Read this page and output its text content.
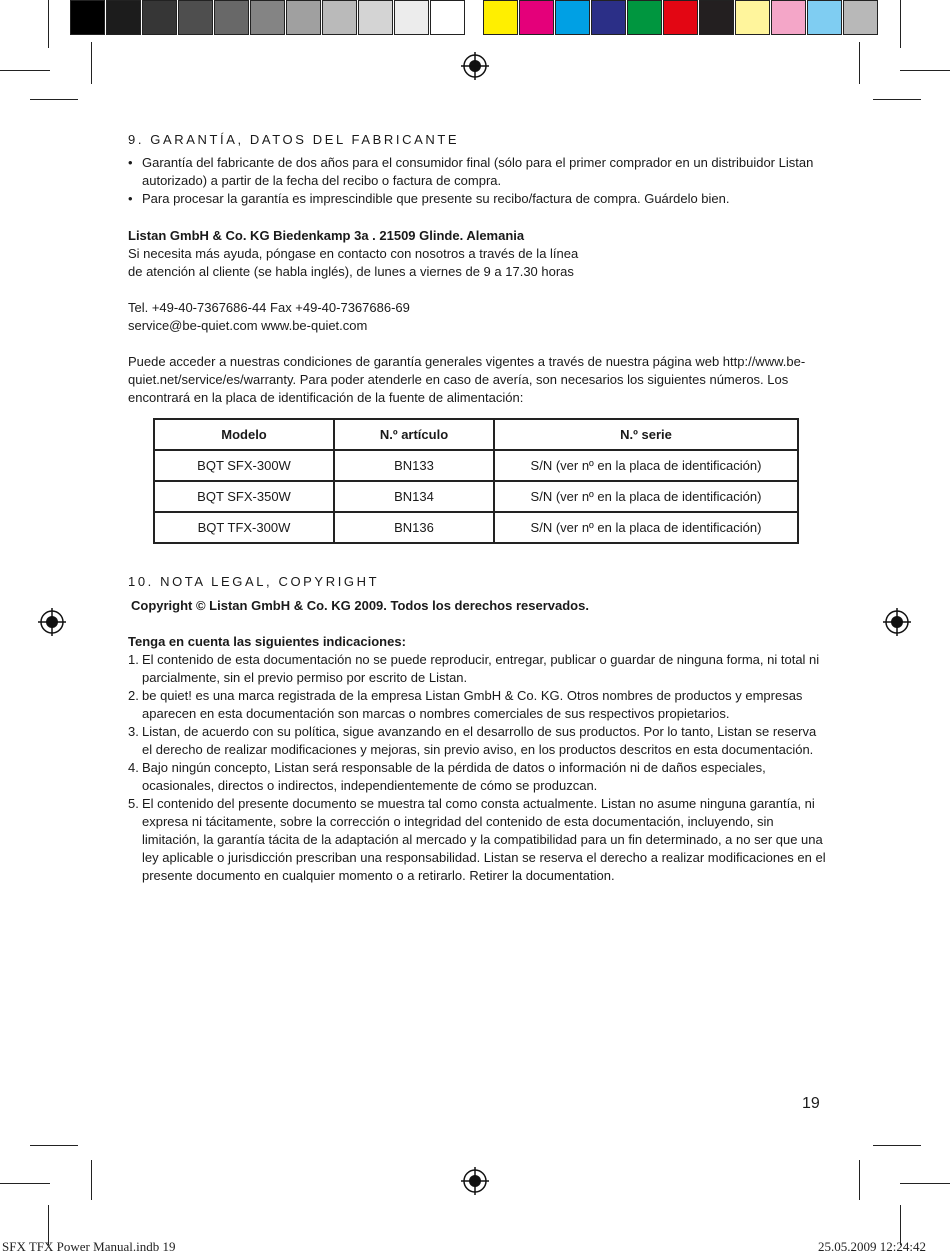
9. GARANTÍA, DATOS DEL FABRICANTE
• Garantía del fabricante de dos años para el consumidor final (sólo para el primer comprador en un distribuidor Listan autorizado) a partir de la fecha del recibo o factura de compra.
• Para procesar la garantía es imprescindible que presente su recibo/factura de compra. Guárdelo bien.

Listan GmbH & Co. KG Biedenkamp 3a . 21509 Glinde. Alemania

Si necesita más ayuda, póngase en contacto con nosotros a través de la línea

de atención al cliente (se habla inglés), de lunes a viernes de 9 a 17.30 horas

Tel. +49-40-7367686-44 Fax +49-40-7367686-69

service@be-quiet.com www.be-quiet.com

Puede acceder a nuestras condiciones de garantía generales vigentes a través de nuestra página web http://www.be-quiet.net/service/es/warranty. Para poder atenderle en caso de avería, son necesarios los siguientes números. Los encontrará en la placa de identificación de la fuente de alimentación:

Modelo	N.º artículo	N.º serie
BQT SFX-300W	BN133	S/N (ver nº en la placa de identificación)
BQT SFX-350W	BN134	S/N (ver nº en la placa de identificación)
BQT TFX-300W	BN136	S/N (ver nº en la placa de identificación)
10. NOTA LEGAL, COPYRIGHT

Copyright © Listan GmbH & Co. KG 2009. Todos los derechos reservados.

Tenga en cuenta las siguientes indicaciones:

1. El contenido de esta documentación no se puede reproducir, entregar, publicar o guardar de ninguna forma, ni total ni parcialmente, sin el previo permiso por escrito de Listan.
2. be quiet! es una marca registrada de la empresa Listan GmbH & Co. KG. Otros nombres de productos y empresas aparecen en esta documentación son marcas o nombres comerciales de sus respectivos propietarios.
3. Listan, de acuerdo con su política, sigue avanzando en el desarrollo de sus productos. Por lo tanto, Listan se reserva el derecho de realizar modificaciones y mejoras, sin previo aviso, en los productos descritos en esta documentación.
4. Bajo ningún concepto, Listan será responsable de la pérdida de datos o información ni de daños especiales, ocasionales, directos o indirectos, independientemente de cómo se produzcan.
5. El contenido del presente documento se muestra tal como consta actualmente. Listan no asume ninguna garantía, ni expresa ni tácitamente, sobre la corrección o integridad del contenido de esta documentación, incluyendo, sin limitación, la garantía tácita de la adaptación al mercado y la compatibilidad para un fin determinado, a no ser que una ley aplicable o jurisdicción prescriban una responsabilidad. Listan se reserva el derecho a realizar modificaciones en el presente documento en cualquier momento o a retirarlo. Retirer la documentation.
19
SFX TFX Power Manual.indb 19	25.05.2009 12:24:42
